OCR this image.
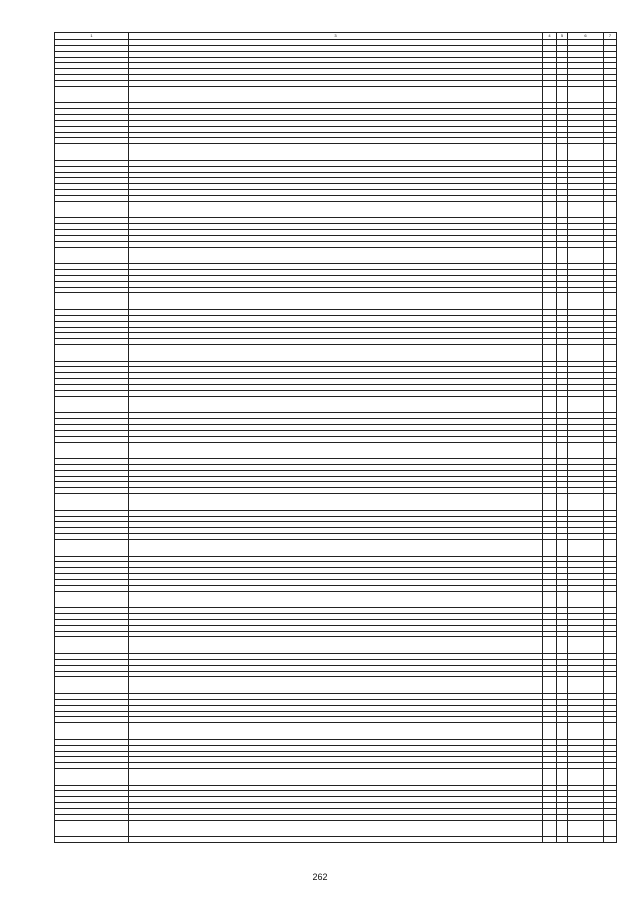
1		3	4	5	6	7

262
